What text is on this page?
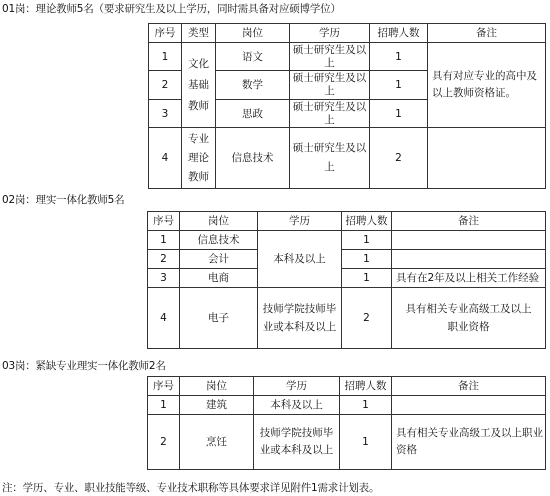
01岗：理论教师5名（要求研究生及以上学历，同时需具备对应硕博学位）
序号	类型	岗位	学历	招聘人数	备注
1	文化基础教师	语文	硕士研究生及以上	1	具有对应专业的高中及以上教师资格证。
2		数学	硕士研究生及以上	1	
3		思政	硕士研究生及以上	1	
4	专业理论教师	信息技术	硕士研究生及以上	2	
02岗：理实一体化教师5名
序号	岗位	学历	招聘人数	备注
1	信息技术	本科及以上	1	
2	会计		1	
3	电商		1	具有在2年及以上相关工作经验
4	电子	技师学院技师毕业或本科及以上	2	具有相关专业高级工及以上职业资格
03岗：紧缺专业理实一体化教师2名
序号	岗位	学历	招聘人数	备注
1	建筑	本科及以上	1	
2	烹饪	技师学院技师毕业或本科及以上	1	具有相关专业高级工及以上职业资格
注：学历、专业、职业技能等级、专业技术职称等具体要求详见附件1需求计划表。
